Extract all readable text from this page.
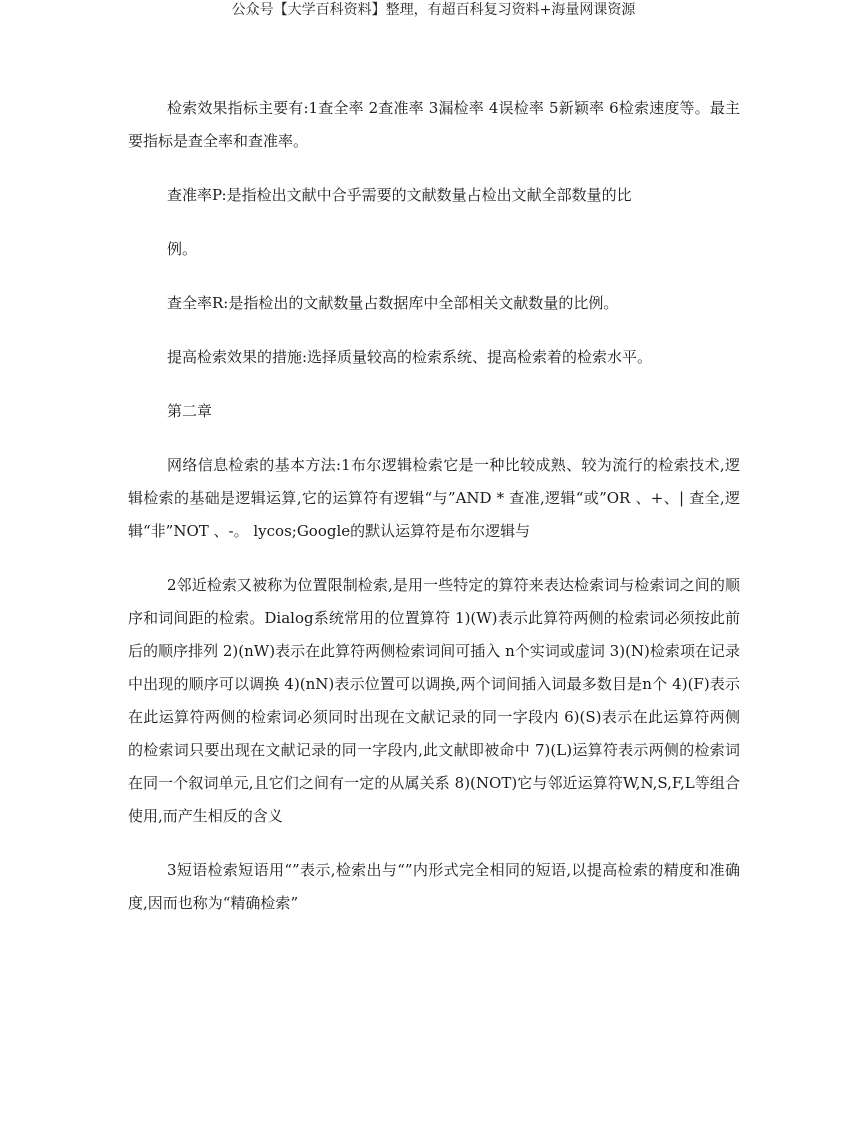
公众号【大学百科资料】整理，有超百科复习资料+海量网课资源

检索效果指标主要有:1查全率 2查准率 3漏检率 4误检率 5新颖率 6检索速度等。最主要指标是查全率和查准率。

查准率P:是指检出文献中合乎需要的文献数量占检出文献全部数量的比

例。

查全率R:是指检出的文献数量占数据库中全部相关文献数量的比例。

提高检索效果的措施:选择质量较高的检索系统、提高检索着的检索水平。

第二章

网络信息检索的基本方法:1布尔逻辑检索它是一种比较成熟、较为流行的检索技术,逻辑检索的基础是逻辑运算,它的运算符有逻辑“与”AND * 查准,逻辑“或”OR 、+、| 查全,逻辑“非”NOT 、-。 lycos;Google的默认运算符是布尔逻辑与

2邻近检索又被称为位置限制检索,是用一些特定的算符来表达检索词与检索词之间的顺序和词间距的检索。Dialog系统常用的位置算符 1)(W)表示此算符两侧的检索词必须按此前后的顺序排列 2)(nW)表示在此算符两侧检索词间可插入 n个实词或虚词 3)(N)检索项在记录中出现的顺序可以调换 4)(nN)表示位置可以调换,两个词间插入词最多数目是n个 4)(F)表示在此运算符两侧的检索词必须同时出现在文献记录的同一字段内 6)(S)表示在此运算符两侧的检索词只要出现在文献记录的同一字段内,此文献即被命中 7)(L)运算符表示两侧的检索词在同一个叙词单元,且它们之间有一定的从属关系 8)(NOT)它与邻近运算符W,N,S,F,L等组合使用,而产生相反的含义

3短语检索短语用“”表示,检索出与“”内形式完全相同的短语,以提高检索的精度和准确度,因而也称为“精确检索”
